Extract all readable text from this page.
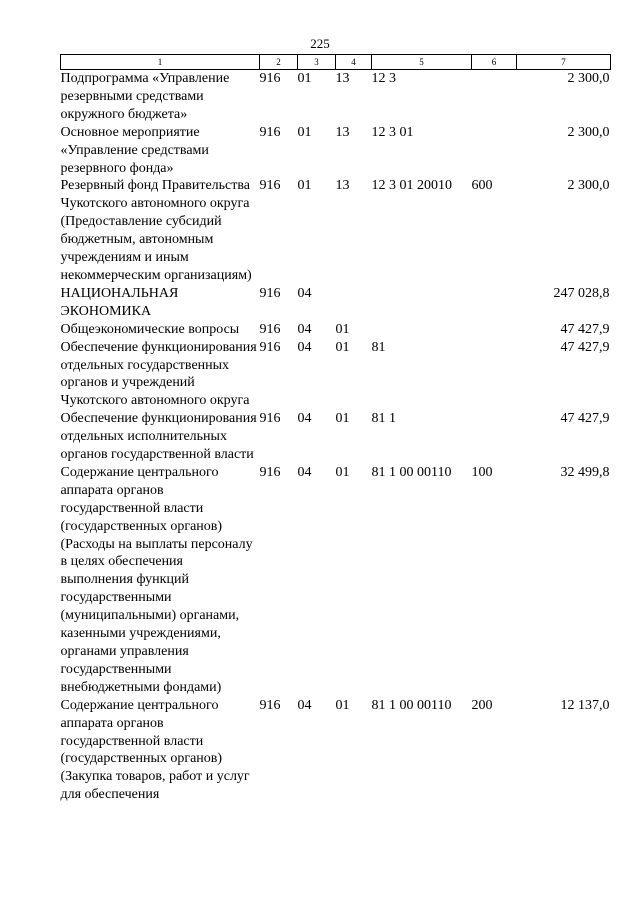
225
1	2	3	4	5	6	7
Подпрограмма «Управление резервными средствами окружного бюджета»	916	01	13	12 3		2 300,0
Основное мероприятие «Управление средствами резервного фонда»	916	01	13	12 3 01		2 300,0
Резервный фонд Правительства Чукотского автономного округа (Предоставление субсидий бюджетным, автономным учреждениям и иным некоммерческим организациям)	916	01	13	12 3 01 20010	600	2 300,0
НАЦИОНАЛЬНАЯ ЭКОНОМИКА	916	04				247 028,8
Общеэкономические вопросы	916	04	01			47 427,9
Обеспечение функционирования отдельных государственных органов и учреждений Чукотского автономного округа	916	04	01	81		47 427,9
Обеспечение функционирования отдельных исполнительных органов государственной власти	916	04	01	81 1		47 427,9
Содержание центрального аппарата органов государственной власти (государственных органов) (Расходы на выплаты персоналу в целях обеспечения выполнения функций государственными (муниципальными) органами, казенными учреждениями, органами управления государственными внебюджетными фондами)	916	04	01	81 1 00 00110	100	32 499,8
Содержание центрального аппарата органов государственной власти (государственных органов) (Закупка товаров, работ и услуг для обеспечения	916	04	01	81 1 00 00110	200	12 137,0
